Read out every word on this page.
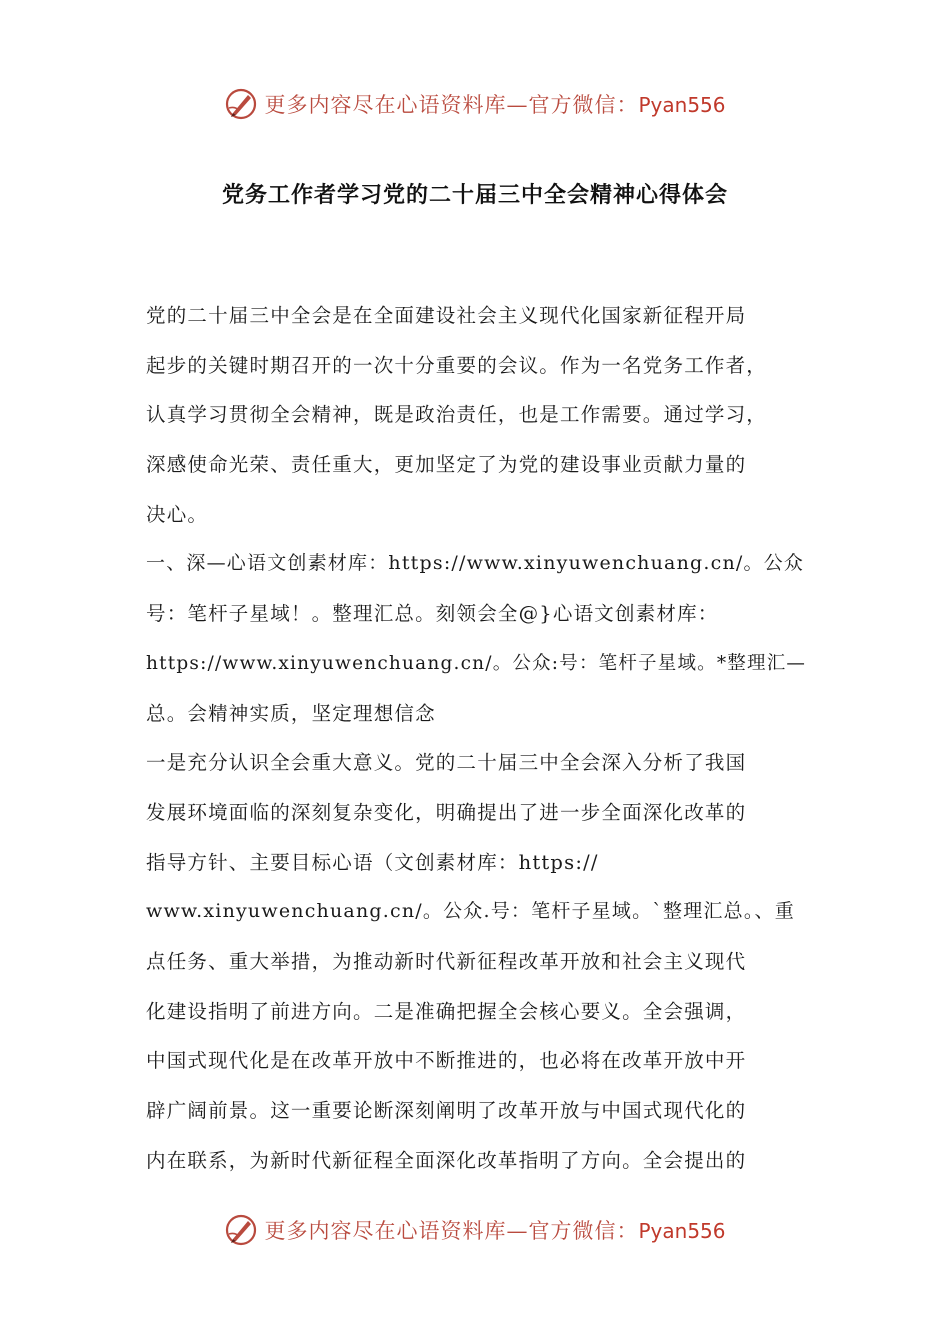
更多内容尽在心语资料库—官方微信：Pyan556
党务工作者学习党的二十届三中全会精神心得体会
党的二十届三中全会是在全面建设社会主义现代化国家新征程开局
起步的关键时期召开的一次十分重要的会议。作为一名党务工作者，
认真学习贯彻全会精神，既是政治责任，也是工作需要。通过学习，
深感使命光荣、责任重大，更加坚定了为党的建设事业贡献力量的
决心。
一、深—心语文创素材库：https://www.xinyuwenchuang.cn/。公众
号：笔杆子星域！。整理汇总。刻领会全@}心语文创素材库：
https://www.xinyuwenchuang.cn/。公众:号：笔杆子星域。*整理汇—
总。会精神实质，坚定理想信念
一是充分认识全会重大意义。党的二十届三中全会深入分析了我国
发展环境面临的深刻复杂变化，明确提出了进一步全面深化改革的
指导方针、主要目标心语（文创素材库：https://
www.xinyuwenchuang.cn/。公众.号：笔杆子星域。`整理汇总。、重
点任务、重大举措，为推动新时代新征程改革开放和社会主义现代
化建设指明了前进方向。二是准确把握全会核心要义。全会强调，
中国式现代化是在改革开放中不断推进的，也必将在改革开放中开
辟广阔前景。这一重要论断深刻阐明了改革开放与中国式现代化的
内在联系，为新时代新征程全面深化改革指明了方向。全会提出的
更多内容尽在心语资料库—官方微信：Pyan556
